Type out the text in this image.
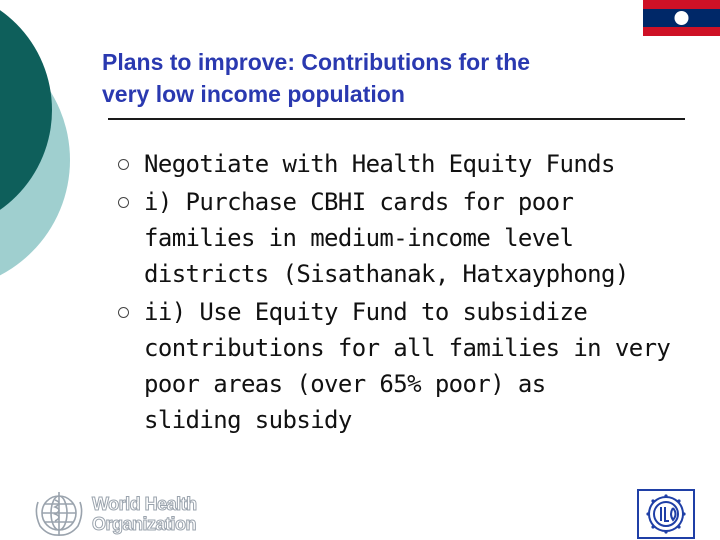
Plans to improve: Contributions for the
very low income population
Negotiate with Health Equity Funds
i) Purchase CBHI cards for poor
families in medium-income level
districts (Sisathanak, Hatxayphong)
ii) Use Equity Fund to subsidize
contributions for all families in very
poor areas (over 65% poor) as
sliding subsidy
World Health
Organization
